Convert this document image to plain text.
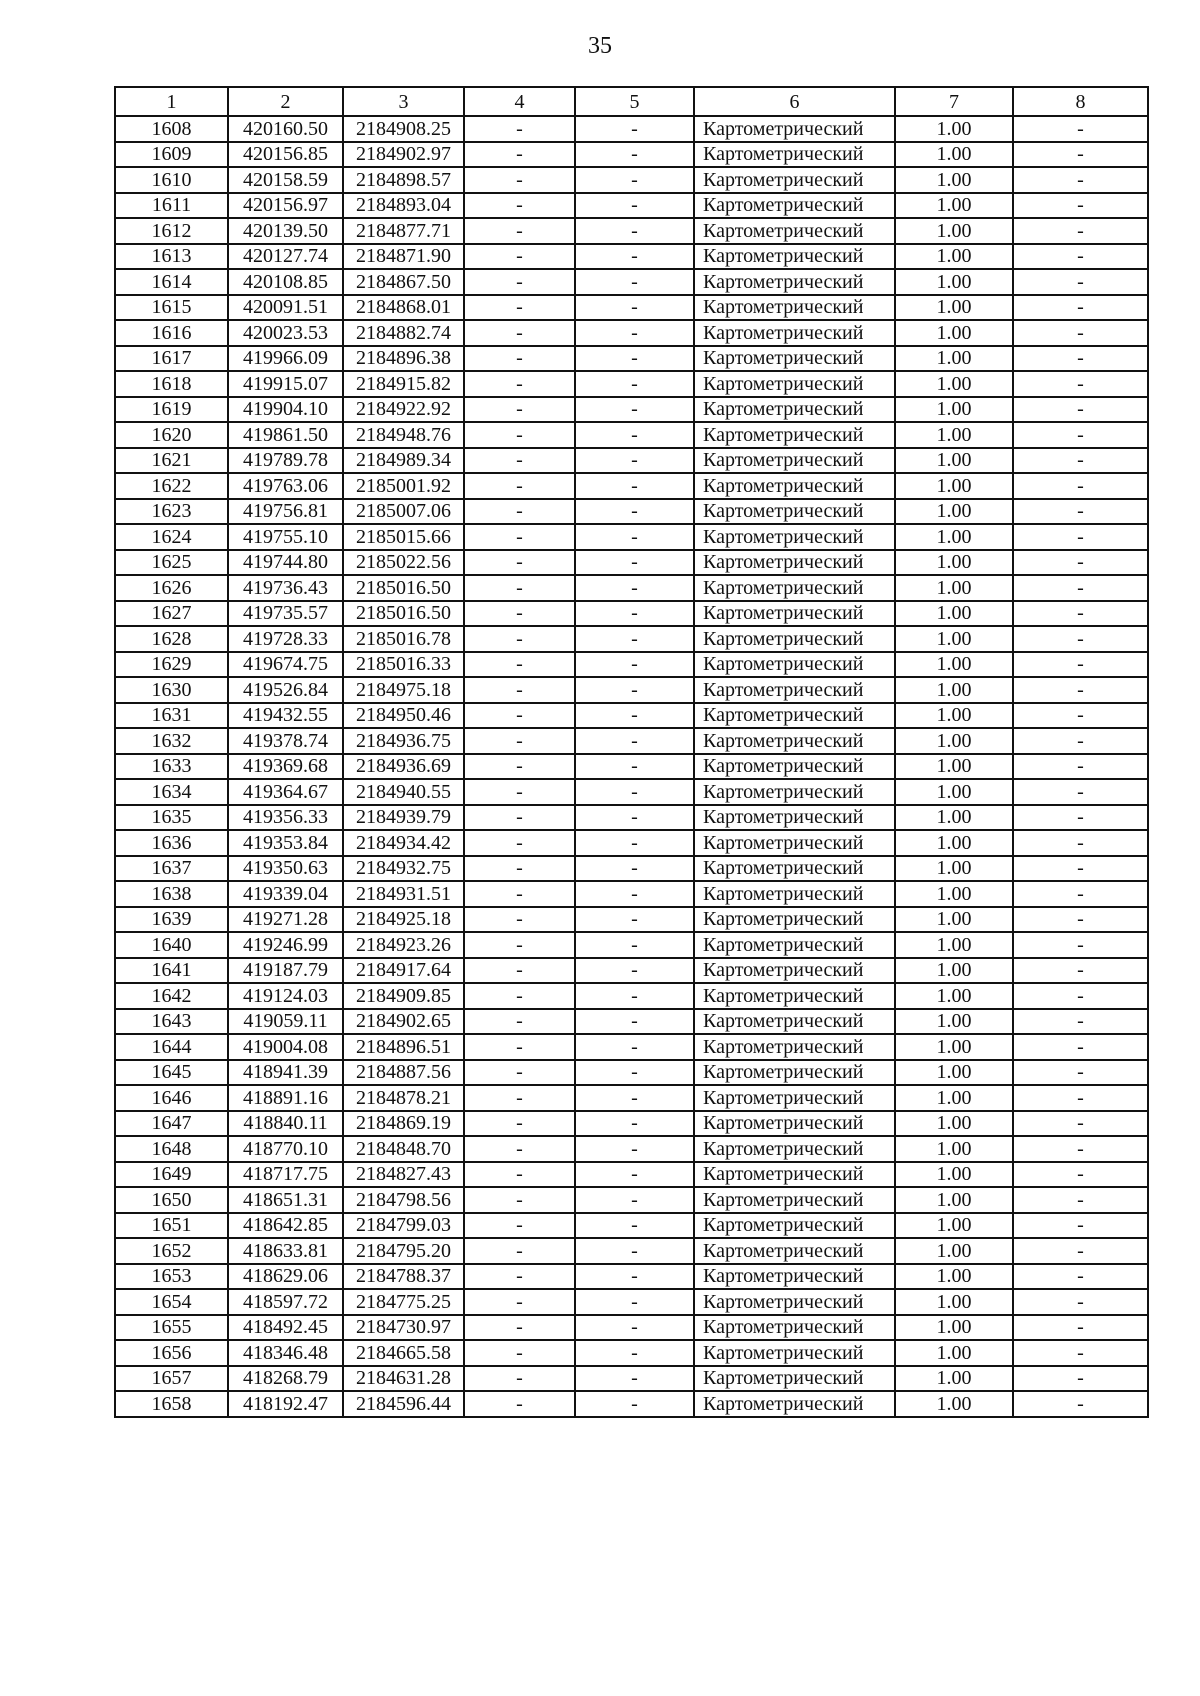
35
1	2	3	4	5	6	7	8
1608	420160.50	2184908.25	-	-	Картометрический	1.00	-
1609	420156.85	2184902.97	-	-	Картометрический	1.00	-
1610	420158.59	2184898.57	-	-	Картометрический	1.00	-
1611	420156.97	2184893.04	-	-	Картометрический	1.00	-
1612	420139.50	2184877.71	-	-	Картометрический	1.00	-
1613	420127.74	2184871.90	-	-	Картометрический	1.00	-
1614	420108.85	2184867.50	-	-	Картометрический	1.00	-
1615	420091.51	2184868.01	-	-	Картометрический	1.00	-
1616	420023.53	2184882.74	-	-	Картометрический	1.00	-
1617	419966.09	2184896.38	-	-	Картометрический	1.00	-
1618	419915.07	2184915.82	-	-	Картометрический	1.00	-
1619	419904.10	2184922.92	-	-	Картометрический	1.00	-
1620	419861.50	2184948.76	-	-	Картометрический	1.00	-
1621	419789.78	2184989.34	-	-	Картометрический	1.00	-
1622	419763.06	2185001.92	-	-	Картометрический	1.00	-
1623	419756.81	2185007.06	-	-	Картометрический	1.00	-
1624	419755.10	2185015.66	-	-	Картометрический	1.00	-
1625	419744.80	2185022.56	-	-	Картометрический	1.00	-
1626	419736.43	2185016.50	-	-	Картометрический	1.00	-
1627	419735.57	2185016.50	-	-	Картометрический	1.00	-
1628	419728.33	2185016.78	-	-	Картометрический	1.00	-
1629	419674.75	2185016.33	-	-	Картометрический	1.00	-
1630	419526.84	2184975.18	-	-	Картометрический	1.00	-
1631	419432.55	2184950.46	-	-	Картометрический	1.00	-
1632	419378.74	2184936.75	-	-	Картометрический	1.00	-
1633	419369.68	2184936.69	-	-	Картометрический	1.00	-
1634	419364.67	2184940.55	-	-	Картометрический	1.00	-
1635	419356.33	2184939.79	-	-	Картометрический	1.00	-
1636	419353.84	2184934.42	-	-	Картометрический	1.00	-
1637	419350.63	2184932.75	-	-	Картометрический	1.00	-
1638	419339.04	2184931.51	-	-	Картометрический	1.00	-
1639	419271.28	2184925.18	-	-	Картометрический	1.00	-
1640	419246.99	2184923.26	-	-	Картометрический	1.00	-
1641	419187.79	2184917.64	-	-	Картометрический	1.00	-
1642	419124.03	2184909.85	-	-	Картометрический	1.00	-
1643	419059.11	2184902.65	-	-	Картометрический	1.00	-
1644	419004.08	2184896.51	-	-	Картометрический	1.00	-
1645	418941.39	2184887.56	-	-	Картометрический	1.00	-
1646	418891.16	2184878.21	-	-	Картометрический	1.00	-
1647	418840.11	2184869.19	-	-	Картометрический	1.00	-
1648	418770.10	2184848.70	-	-	Картометрический	1.00	-
1649	418717.75	2184827.43	-	-	Картометрический	1.00	-
1650	418651.31	2184798.56	-	-	Картометрический	1.00	-
1651	418642.85	2184799.03	-	-	Картометрический	1.00	-
1652	418633.81	2184795.20	-	-	Картометрический	1.00	-
1653	418629.06	2184788.37	-	-	Картометрический	1.00	-
1654	418597.72	2184775.25	-	-	Картометрический	1.00	-
1655	418492.45	2184730.97	-	-	Картометрический	1.00	-
1656	418346.48	2184665.58	-	-	Картометрический	1.00	-
1657	418268.79	2184631.28	-	-	Картометрический	1.00	-
1658	418192.47	2184596.44	-	-	Картометрический	1.00	-
